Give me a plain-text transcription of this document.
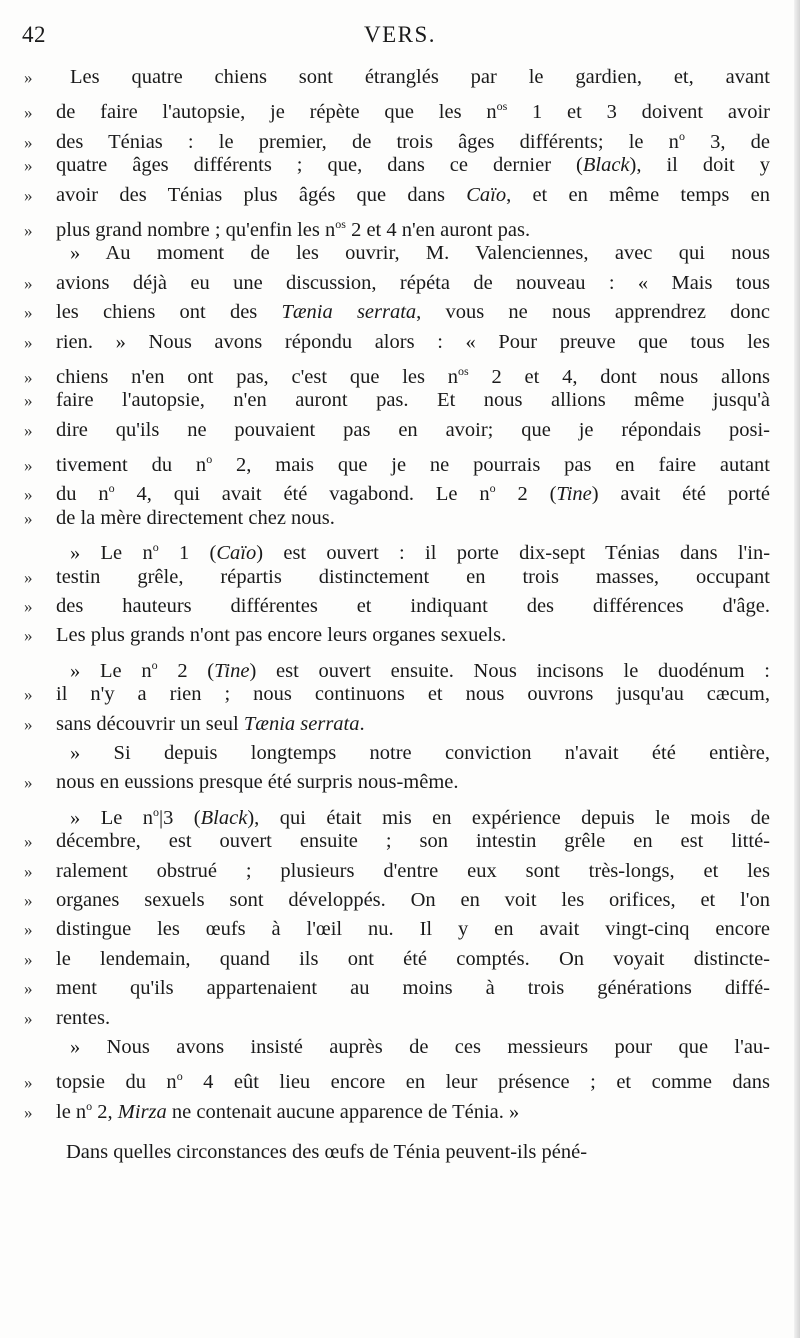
42	VERS.
» Les quatre chiens sont étranglés par le gardien, et, avant
» de faire l'autopsie, je répète que les $n^{os}$ 1 et 3 doivent avoir
» des Ténias : le premier, de trois âges différents; le $n^o$ 3, de
» quatre âges différents ; que, dans ce dernier (Black), il doit y
» avoir des Ténias plus âgés que dans Caïo, et en même temps en
» plus grand nombre ; qu'enfin les $n^{os}$ 2 et 4 n'en auront pas.
» Au moment de les ouvrir, M. Valenciennes, avec qui nous
» avions déjà eu une discussion, répéta de nouveau : « Mais tous
» les chiens ont des Tænia serrata, vous ne nous apprendrez donc
» rien. » Nous avons répondu alors : « Pour preuve que tous les
» chiens n'en ont pas, c'est que les $n^{os}$ 2 et 4, dont nous allons
» faire l'autopsie, n'en auront pas. Et nous allions même jusqu'à
» dire qu'ils ne pouvaient pas en avoir; que je répondais posi-
» tivement du $n^o$ 2, mais que je ne pourrais pas en faire autant
» du $n^o$ 4, qui avait été vagabond. Le $n^o$ 2 (Tine) avait été porté
» de la mère directement chez nous.
» Le $n^o$ 1 (Caïo) est ouvert : il porte dix-sept Ténias dans l'in-
» testin grêle, répartis distinctement en trois masses, occupant
» des hauteurs différentes et indiquant des différences d'âge.
» Les plus grands n'ont pas encore leurs organes sexuels.
» Le $n^o$ 2 (Tine) est ouvert ensuite. Nous incisons le duodénum :
» il n'y a rien ; nous continuons et nous ouvrons jusqu'au cæcum,
» sans découvrir un seul Tænia serrata.
» Si depuis longtemps notre conviction n'avait été entière,
» nous en eussions presque été surpris nous-même.
» Le $n^o|3$ (Black), qui était mis en expérience depuis le mois de
» décembre, est ouvert ensuite ; son intestin grêle en est litté-
» ralement obstrué ; plusieurs d'entre eux sont très-longs, et les
» organes sexuels sont développés. On en voit les orifices, et l'on
» distingue les œufs à l'œil nu. Il y en avait vingt-cinq encore
» le lendemain, quand ils ont été comptés. On voyait distincte-
» ment qu'ils appartenaient au moins à trois générations diffé-
» rentes.
» Nous avons insisté auprès de ces messieurs pour que l'au-
» topsie du $n^o$ 4 eût lieu encore en leur présence ; et comme dans
» le $n^o$ 2, Mirza ne contenait aucune apparence de Ténia. »
Dans quelles circonstances des œufs de Ténia peuvent-ils péné-
